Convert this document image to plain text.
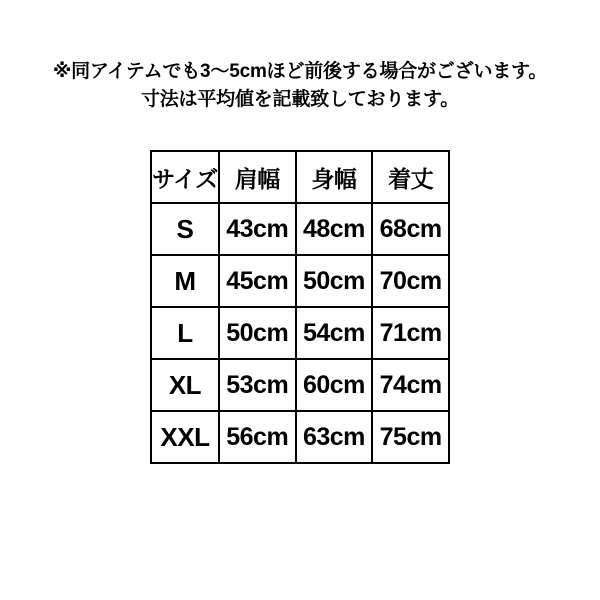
※同アイテムでも3〜5cmほど前後する場合がございます。
寸法は平均値を記載致しております。
サイズ	肩幅	身幅	着丈
S	43cm	48cm	68cm
M	45cm	50cm	70cm
L	50cm	54cm	71cm
XL	53cm	60cm	74cm
XXL	56cm	63cm	75cm
